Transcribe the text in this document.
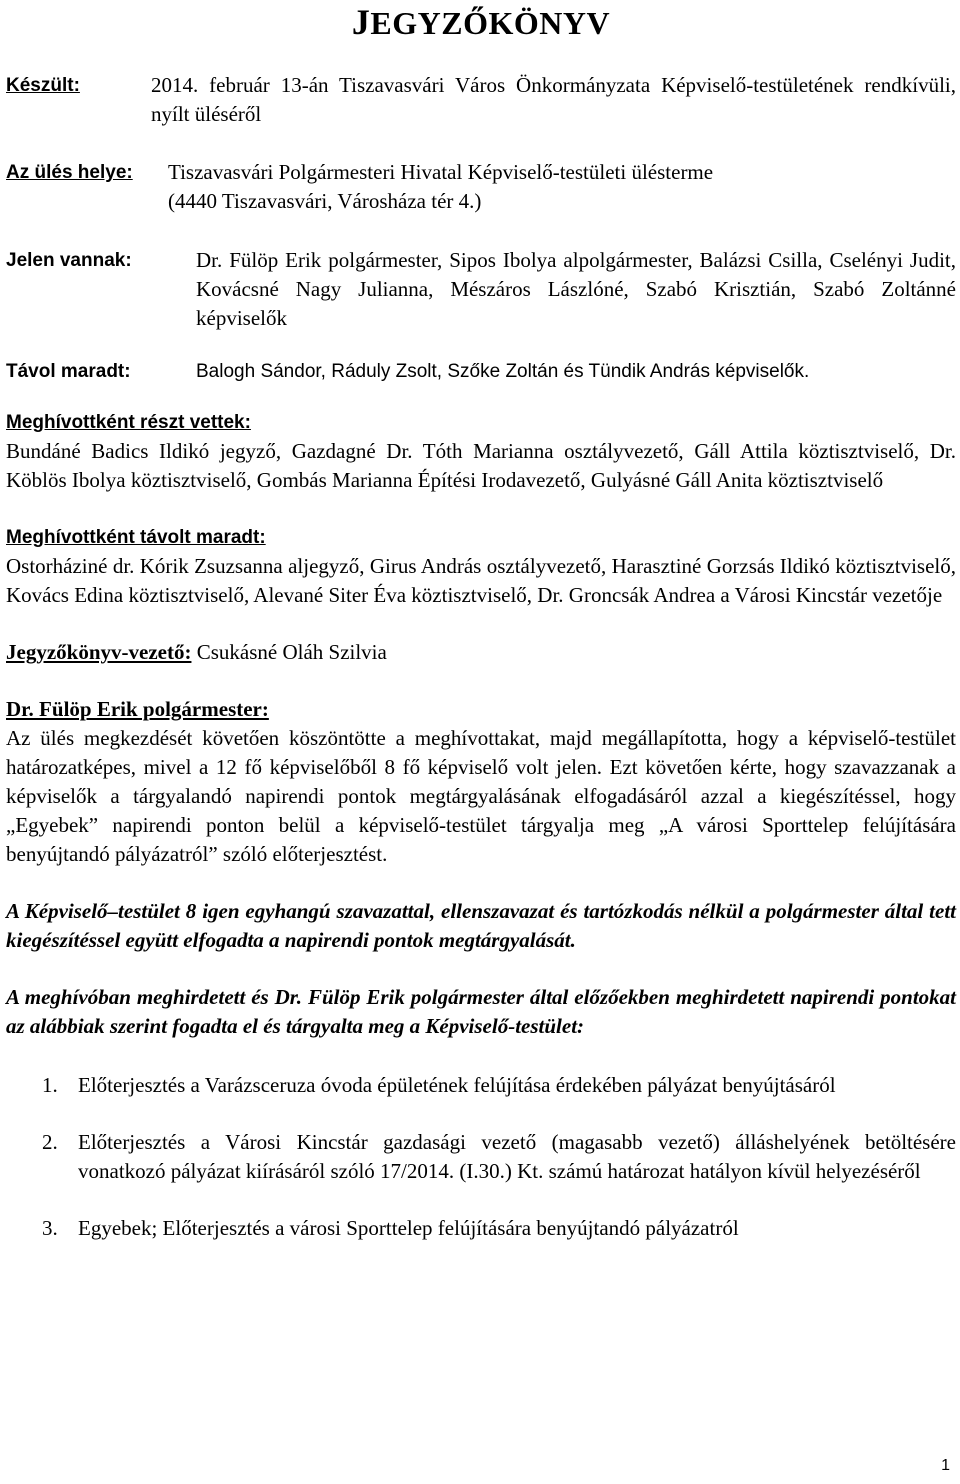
JEGYZŐKÖNYV
Készült:	2014. február 13-án Tiszavasvári Város Önkormányzata Képviselő-testületének rendkívüli, nyílt üléséről
Az ülés helye:	Tiszavasvári Polgármesteri Hivatal Képviselő-testületi ülésterme
(4440 Tiszavasvári, Városháza tér 4.)
Jelen vannak:	Dr. Fülöp Erik polgármester, Sipos Ibolya alpolgármester, Balázsi Csilla, Cselényi Judit, Kovácsné Nagy Julianna, Mészáros Lászlóné, Szabó Krisztián, Szabó Zoltánné képviselők
Távol maradt:	Balogh Sándor, Ráduly Zsolt, Szőke Zoltán és Tündik András képviselők.
Meghívottként részt vettek:
Bundáné Badics Ildikó jegyző, Gazdagné Dr. Tóth Marianna osztályvezető, Gáll Attila köztisztviselő, Dr. Köblös Ibolya köztisztviselő, Gombás Marianna Építési Irodavezető, Gulyásné Gáll Anita köztisztviselő
Meghívottként távolt maradt:
Ostorháziné dr. Kórik Zsuzsanna aljegyző, Girus András osztályvezető, Harasztiné Gorzsás Ildikó köztisztviselő, Kovács Edina köztisztviselő, Alevané Siter Éva köztisztviselő, Dr. Groncsák Andrea a Városi Kincstár vezetője
Jegyzőkönyv-vezető: Csukásné Oláh Szilvia
Dr. Fülöp Erik polgármester:
Az ülés megkezdését követően köszöntötte a meghívottakat, majd megállapította, hogy a képviselő-testület határozatképes, mivel a 12 fő képviselőből 8 fő képviselő volt jelen. Ezt követően kérte, hogy szavazzanak a képviselők a tárgyalandó napirendi pontok megtárgyalásának elfogadásáról azzal a kiegészítéssel, hogy „Egyebek” napirendi ponton belül a képviselő-testület tárgyalja meg „A városi Sporttelep felújítására benyújtandó pályázatról” szóló előterjesztést.
A Képviselő–testület 8 igen egyhangú szavazattal, ellenszavazat és tartózkodás nélkül a polgármester által tett kiegészítéssel együtt elfogadta a napirendi pontok megtárgyalását.
A meghívóban meghirdetett és Dr. Fülöp Erik polgármester által előzőekben meghirdetett napirendi pontokat az alábbiak szerint fogadta el és tárgyalta meg a Képviselő-testület:
1. Előterjesztés a Varázsceruza óvoda épületének felújítása érdekében pályázat benyújtásáról
2. Előterjesztés a Városi Kincstár gazdasági vezető (magasabb vezető) álláshelyének betöltésére vonatkozó pályázat kiírásáról szóló 17/2014. (I.30.) Kt. számú határozat hatályon kívül helyezéséről
3. Egyebek; Előterjesztés a városi Sporttelep felújítására benyújtandó pályázatról
1
